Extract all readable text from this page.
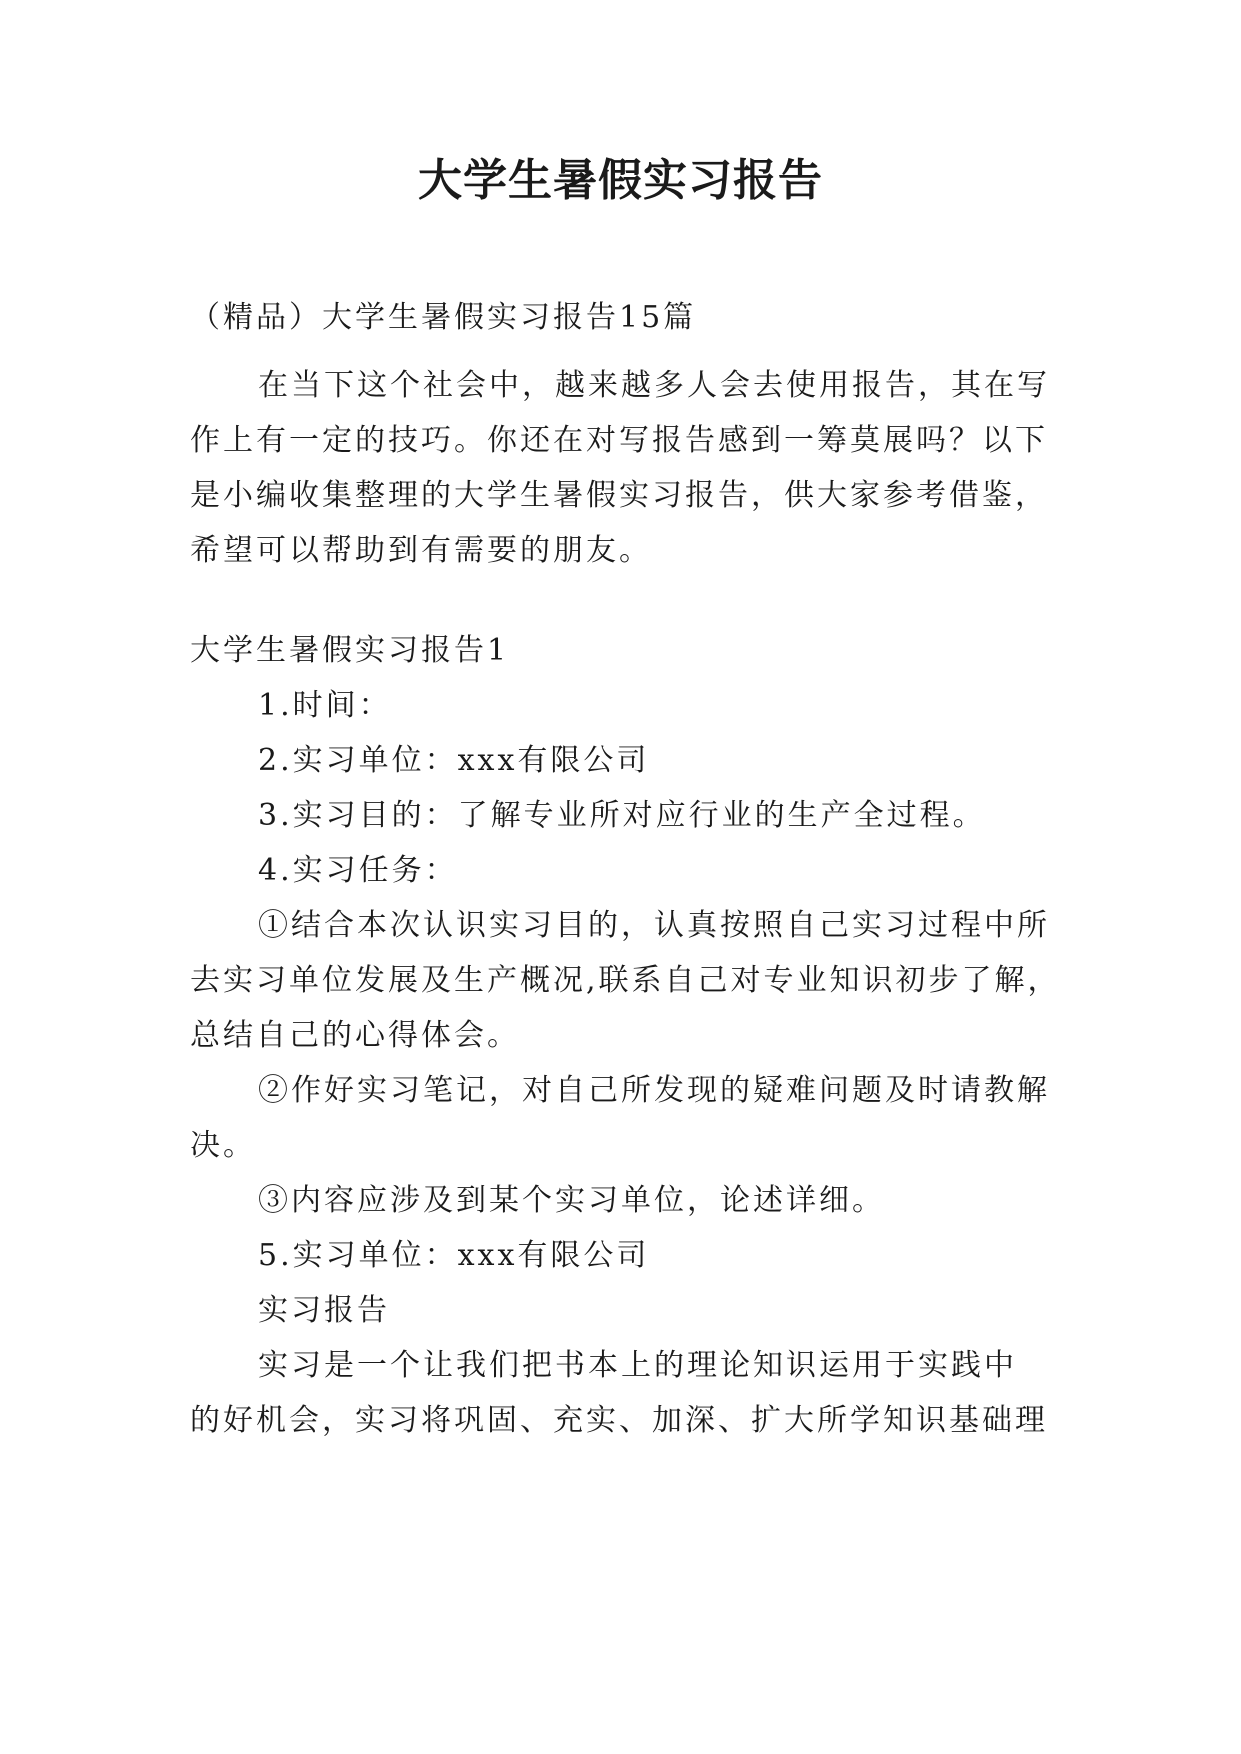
大学生暑假实习报告
（精品）大学生暑假实习报告15篇
在当下这个社会中，越来越多人会去使用报告，其在写
作上有一定的技巧。你还在对写报告感到一筹莫展吗？以下
是小编收集整理的大学生暑假实习报告，供大家参考借鉴，
希望可以帮助到有需要的朋友。
大学生暑假实习报告1
1.时间：
2.实习单位：xxx有限公司
3.实习目的：了解专业所对应行业的生产全过程。
4.实习任务：
①结合本次认识实习目的，认真按照自己实习过程中所
去实习单位发展及生产概况,联系自己对专业知识初步了解，
总结自己的心得体会。
②作好实习笔记，对自己所发现的疑难问题及时请教解
决。
③内容应涉及到某个实习单位，论述详细。
5.实习单位：xxx有限公司
实习报告
实习是一个让我们把书本上的理论知识运用于实践中
的好机会，实习将巩固、充实、加深、扩大所学知识基础理
